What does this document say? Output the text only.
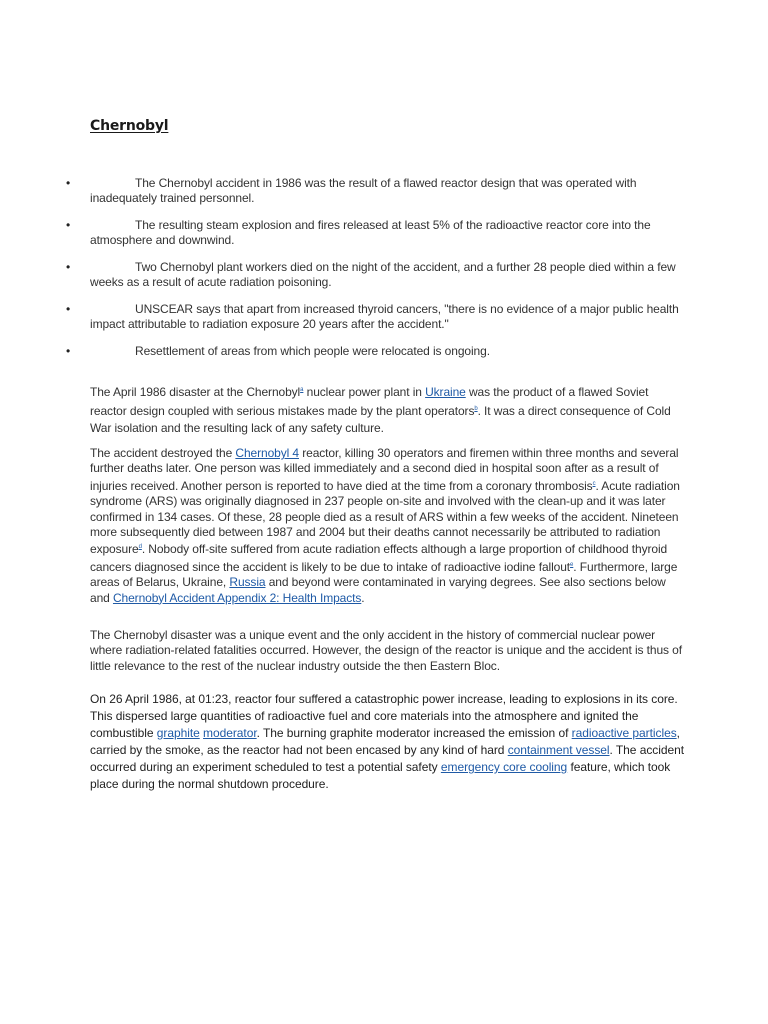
Chernobyl
•	The Chernobyl accident in 1986 was the result of a flawed reactor design that was operated with inadequately trained personnel.
•	The resulting steam explosion and fires released at least 5% of the radioactive reactor core into the atmosphere and downwind.
•	Two Chernobyl plant workers died on the night of the accident, and a further 28 people died within a few weeks as a result of acute radiation poisoning.
•	UNSCEAR says that apart from increased thyroid cancers, "there is no evidence of a major public health impact attributable to radiation exposure 20 years after the accident."
•	Resettlement of areas from which people were relocated is ongoing.

The April 1986 disaster at the Chernobyl$^a$ nuclear power plant in Ukraine was the product of a flawed Soviet reactor design coupled with serious mistakes made by the plant operators$^b$. It was a direct consequence of Cold War isolation and the resulting lack of any safety culture.

The accident destroyed the Chernobyl 4 reactor, killing 30 operators and firemen within three months and several further deaths later. One person was killed immediately and a second died in hospital soon after as a result of injuries received. Another person is reported to have died at the time from a coronary thrombosis$^c$. Acute radiation syndrome (ARS) was originally diagnosed in 237 people on-site and involved with the clean-up and it was later confirmed in 134 cases. Of these, 28 people died as a result of ARS within a few weeks of the accident. Nineteen more subsequently died between 1987 and 2004 but their deaths cannot necessarily be attributed to radiation exposure$^d$. Nobody off-site suffered from acute radiation effects although a large proportion of childhood thyroid cancers diagnosed since the accident is likely to be due to intake of radioactive iodine fallout$^e$. Furthermore, large areas of Belarus, Ukraine, Russia and beyond were contaminated in varying degrees. See also sections below and Chernobyl Accident Appendix 2: Health Impacts.

The Chernobyl disaster was a unique event and the only accident in the history of commercial nuclear power where radiation-related fatalities occurred. However, the design of the reactor is unique and the accident is thus of little relevance to the rest of the nuclear industry outside the then Eastern Bloc.

On 26 April 1986, at 01:23, reactor four suffered a catastrophic power increase, leading to explosions in its core. This dispersed large quantities of radioactive fuel and core materials into the atmosphere and ignited the combustible graphite moderator. The burning graphite moderator increased the emission of radioactive particles, carried by the smoke, as the reactor had not been encased by any kind of hard containment vessel. The accident occurred during an experiment scheduled to test a potential safety emergency core cooling feature, which took place during the normal shutdown procedure.
